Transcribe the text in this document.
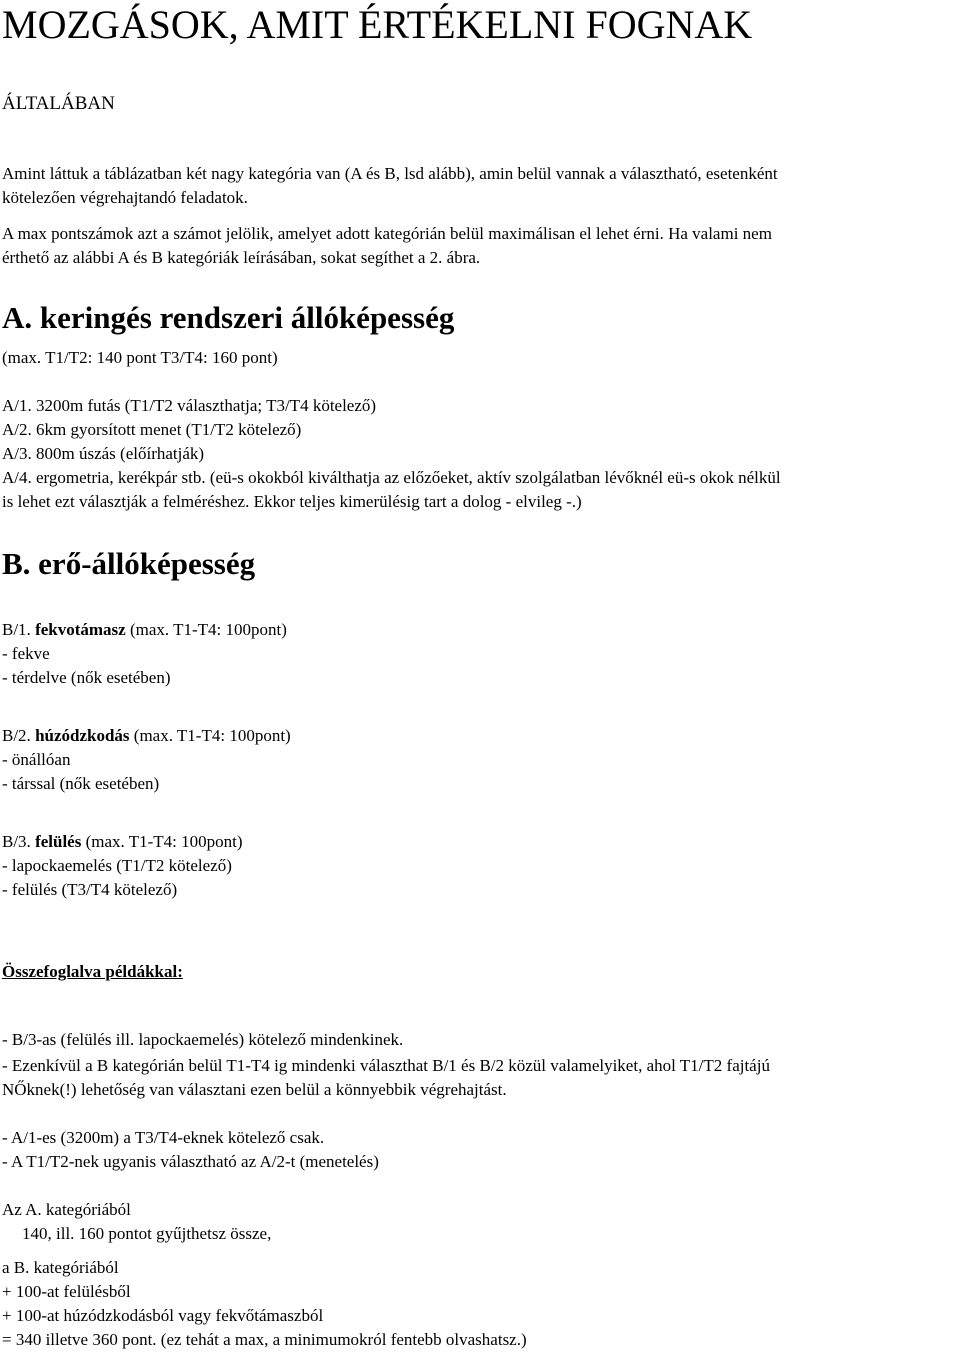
MOZGÁSOK, AMIT ÉRTÉKELNI FOGNAK
ÁLTALÁBAN
Amint láttuk a táblázatban két nagy kategória van (A és B, lsd alább), amin belül vannak a választható, esetenként
kötelezően végrehajtandó feladatok.
A max pontszámok azt a számot jelölik, amelyet adott kategórián belül maximálisan el lehet érni. Ha valami nem
érthető az alábbi A és B kategóriák leírásában, sokat segíthet a 2. ábra.
A. keringés rendszeri állóképesség
(max. T1/T2: 140 pont T3/T4: 160 pont)
A/1. 3200m futás (T1/T2 választhatja; T3/T4 kötelező)
A/2. 6km gyorsított menet (T1/T2 kötelező)
A/3. 800m úszás (előírhatják)
A/4. ergometria, kerékpár stb. (eü-s okokból kiválthatja az előzőeket, aktív szolgálatban lévőknél eü-s okok nélkül
is lehet ezt választják a felméréshez. Ekkor teljes kimerülésig tart a dolog - elvileg -.)
B. erő-állóképesség
B/1. fekvotámasz (max. T1-T4: 100pont)
- fekve
- térdelve (nők esetében)
B/2. húzódzkodás (max. T1-T4: 100pont)
- önállóan
- társsal (nők esetében)
B/3. felülés (max. T1-T4: 100pont)
- lapockaemelés (T1/T2 kötelező)
- felülés (T3/T4 kötelező)
Összefoglalva példákkal:
- B/3-as (felülés ill. lapockaemelés) kötelező mindenkinek.
- Ezenkívül a B kategórián belül T1-T4 ig mindenki választhat B/1 és B/2 közül valamelyiket, ahol T1/T2 fajtájú
NŐknek(!) lehetőség van választani ezen belül a könnyebbik végrehajtást.
- A/1-es (3200m) a T3/T4-eknek kötelező csak.
- A T1/T2-nek ugyanis választható az A/2-t (menetelés)
Az A. kategóriából
140, ill. 160 pontot gyűjthetsz össze,
a B. kategóriából
+ 100-at felülésből
+ 100-at húzódzkodásból vagy fekvőtámaszból
= 340 illetve 360 pont. (ez tehát a max, a minimumokról fentebb olvashatsz.)
